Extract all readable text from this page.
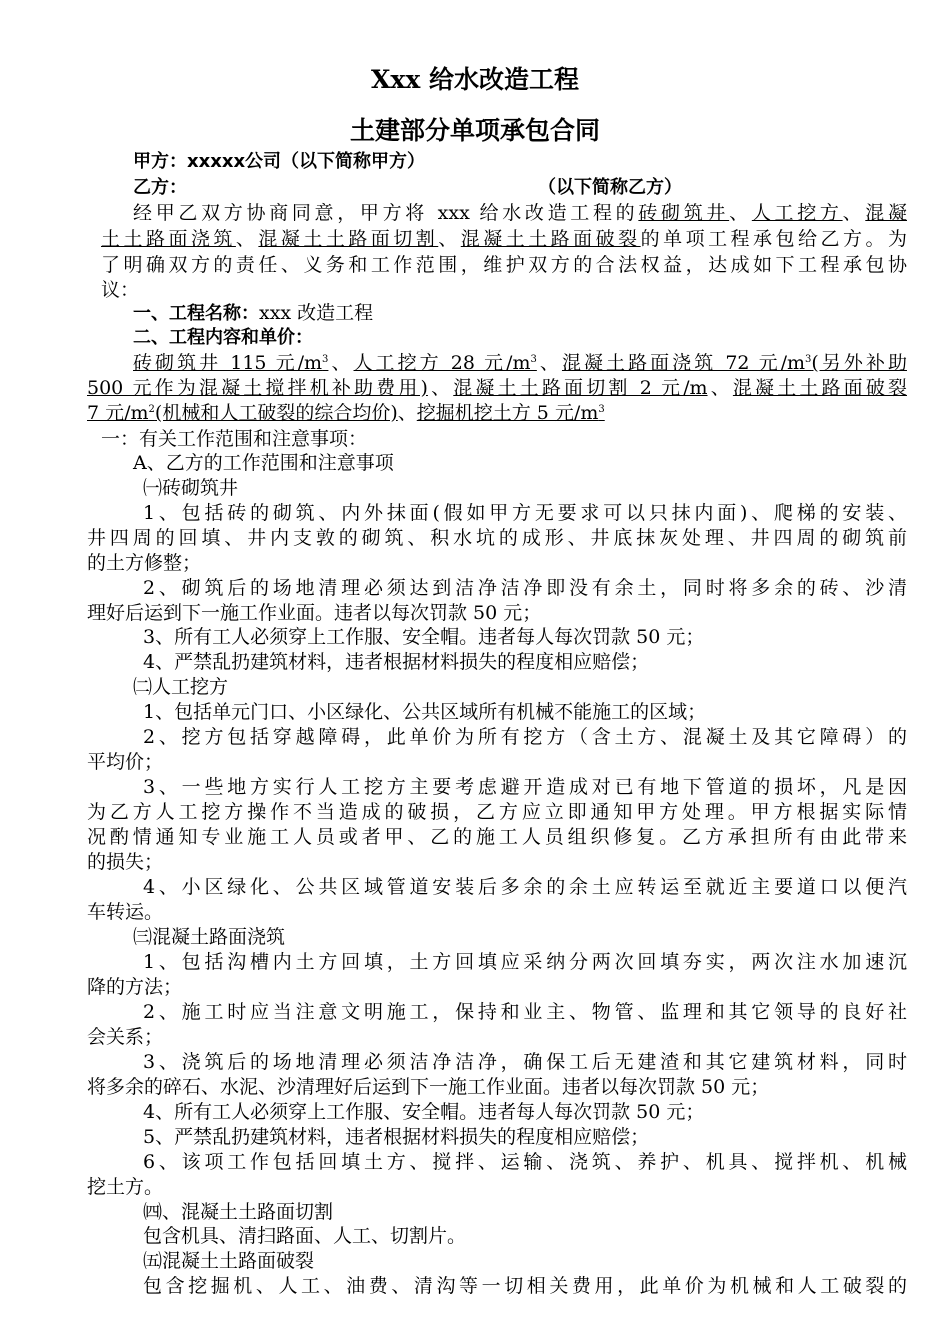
Xxx 给水改造工程
土建部分单项承包合同
甲方：xxxxx公司（以下简称甲方）
乙方：	（以下简称乙方）
经甲乙双方协商同意，甲方将 xxx 给水改造工程的砖砌筑井、人工挖方、混凝
土土路面浇筑、混凝土土路面切割、混凝土土路面破裂的单项工程承包给乙方。为
了明确双方的责任、义务和工作范围，维护双方的合法权益，达成如下工程承包协
议：
一、工程名称：xxx 改造工程
二、工程内容和单价：
砖砌筑井 115 元$/m^3$、人工挖方 28 元$/m^3$、混凝土路面浇筑 72 元$/m^3$(另外补助
500 元作为混凝土搅拌机补助费用)、混凝土土路面切割 2 元/m、混凝土土路面破裂
7 元$/m^2$(机械和人工破裂的综合均价)、挖掘机挖土方 5 元$/m^3$
一：有关工作范围和注意事项：
A、乙方的工作范围和注意事项
㈠砖砌筑井
1、包括砖的砌筑、内外抹面(假如甲方无要求可以只抹内面)、爬梯的安装、
井四周的回填、井内支敦的砌筑、积水坑的成形、井底抹灰处理、井四周的砌筑前
的土方修整；
2、砌筑后的场地清理必须达到洁净洁净即没有余土，同时将多余的砖、沙清
理好后运到下一施工作业面。违者以每次罚款 50 元；
3、所有工人必须穿上工作服、安全帽。违者每人每次罚款 50 元；
4、严禁乱扔建筑材料，违者根据材料损失的程度相应赔偿；
㈡人工挖方
1、包括单元门口、小区绿化、公共区域所有机械不能施工的区域；
2、挖方包括穿越障碍，此单价为所有挖方（含土方、混凝土及其它障碍）的
平均价；
3、一些地方实行人工挖方主要考虑避开造成对已有地下管道的损坏，凡是因
为乙方人工挖方操作不当造成的破损，乙方应立即通知甲方处理。甲方根据实际情
况酌情通知专业施工人员或者甲、乙的施工人员组织修复。乙方承担所有由此带来
的损失；
4、小区绿化、公共区域管道安装后多余的余土应转运至就近主要道口以便汽
车转运。
㈢混凝土路面浇筑
1、包括沟槽内土方回填，土方回填应采纳分两次回填夯实，两次注水加速沉
降的方法；
2、施工时应当注意文明施工，保持和业主、物管、监理和其它领导的良好社
会关系；
3、浇筑后的场地清理必须洁净洁净，确保工后无建渣和其它建筑材料，同时
将多余的碎石、水泥、沙清理好后运到下一施工作业面。违者以每次罚款 50 元；
4、所有工人必须穿上工作服、安全帽。违者每人每次罚款 50 元；
5、严禁乱扔建筑材料，违者根据材料损失的程度相应赔偿；
6、该项工作包括回填土方、搅拌、运输、浇筑、养护、机具、搅拌机、机械
挖土方。
㈣、混凝土土路面切割
包含机具、清扫路面、人工、切割片。
㈤混凝土土路面破裂
包含挖掘机、人工、油费、清沟等一切相关费用，此单价为机械和人工破裂的
